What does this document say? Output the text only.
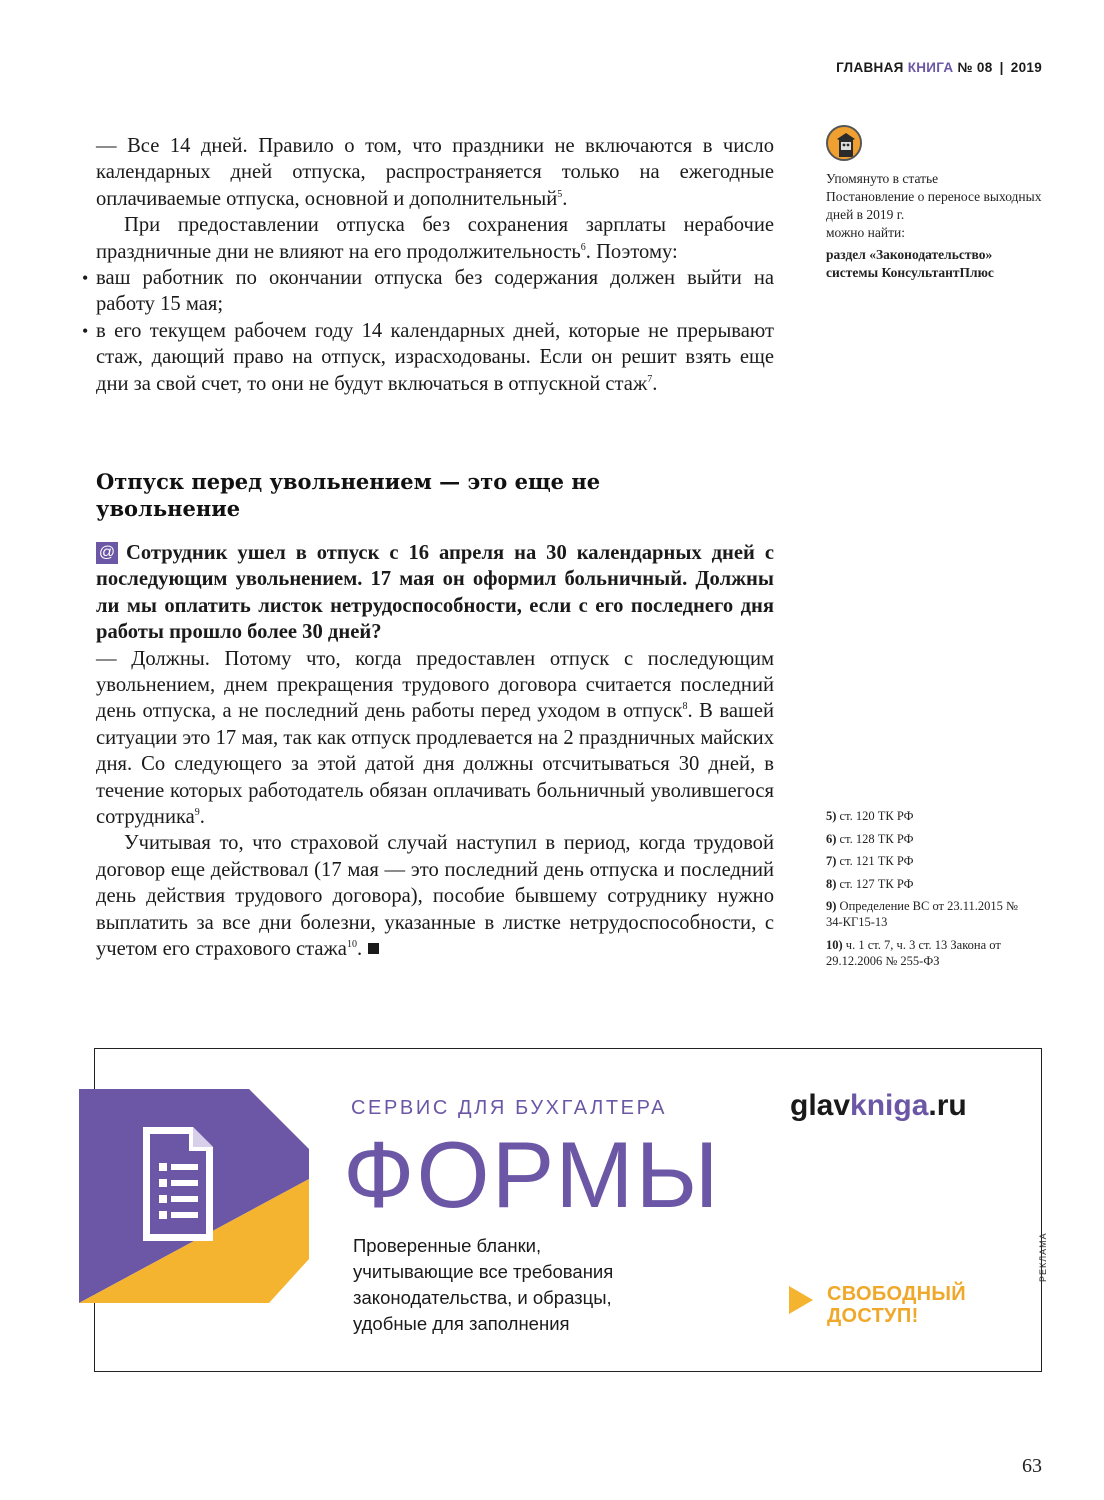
ГЛАВНАЯ КНИГА № 08 | 2019

— Все 14 дней. Правило о том, что праздники не включаются в число календарных дней отпуска, распространяется только на ежегодные оплачиваемые отпуска, основной и дополнительный$^5$.

При предоставлении отпуска без сохранения зарплаты нерабочие праздничные дни не влияют на его продолжительность$^6$. Поэтому:

• ваш работник по окончании отпуска без содержания должен выйти на работу 15 мая;
• в его текущем рабочем году 14 календарных дней, которые не прерывают стаж, дающий право на отпуск, израсходованы. Если он решит взять еще дни за свой счет, то они не будут включаться в отпускной стаж$^7$.
Отпуск перед увольнением — это еще не увольнение

@ Сотрудник ушел в отпуск с 16 апреля на 30 календарных дней с последующим увольнением. 17 мая он оформил больничный. Должны ли мы оплатить листок нетрудоспособности, если с его последнего дня работы прошло более 30 дней?

— Должны. Потому что, когда предоставлен отпуск с последующим увольнением, днем прекращения трудового договора считается последний день отпуска, а не последний день работы перед уходом в отпуск$^8$. В вашей ситуации это 17 мая, так как отпуск продлевается на 2 праздничных майских дня. Со следующего за этой датой дня должны отсчитываться 30 дней, в течение которых работодатель обязан оплачивать больничный уволившегося сотрудника$^9$.

Учитывая то, что страховой случай наступил в период, когда трудовой договор еще действовал (17 мая — это последний день отпуска и последний день действия трудового договора), пособие бывшему сотруднику нужно выплатить за все дни болезни, указанные в листке нетрудоспособности, с учетом его страхового стажа$^{10}$.

Упомянуто в статье
Постановление о переносе выходных дней в 2019 г.
можно найти:
раздел «Законодательство» системы КонсультантПлюс
5) ст. 120 ТК РФ
6) ст. 128 ТК РФ
7) ст. 121 ТК РФ
8) ст. 127 ТК РФ
9) Определение ВС от 23.11.2015 № 34-КГ15-13
10) ч. 1 ст. 7, ч. 3 ст. 13 Закона от 29.12.2006 № 255-ФЗ
СЕРВИС ДЛЯ БУХГАЛТЕРА
ФОРМЫ
Проверенные бланки,
учитывающие все требования
законодательства, и образцы,
удобные для заполнения
glavkniga.ru
СВОБОДНЫЙ
ДОСТУП!
РЕКЛАМА
63
